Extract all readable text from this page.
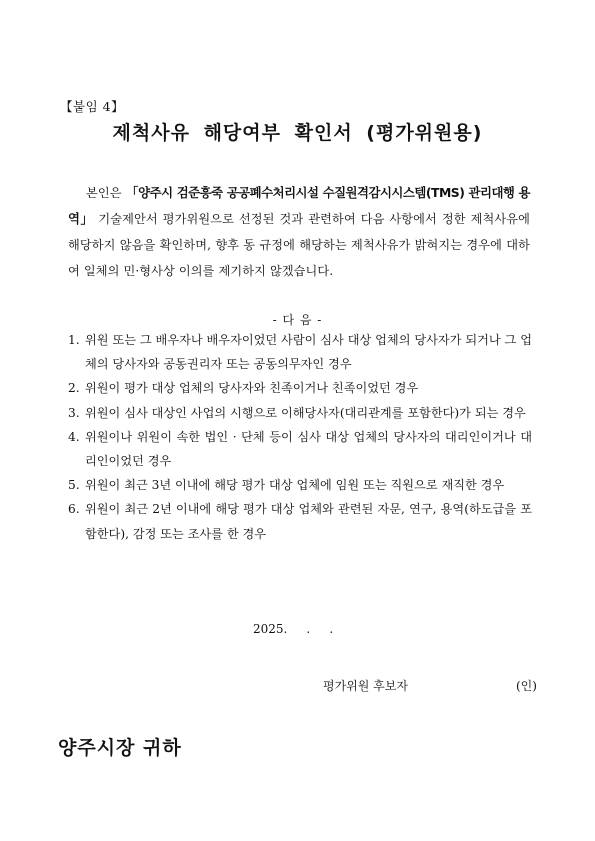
【붙임 4】
제척사유 해당여부 확인서 (평가위원용)
본인은 「양주시 검준흥죽 공공폐수처리시설 수질원격감시시스템(TMS) 관리대행 용역」 기술제안서 평가위원으로 선정된 것과 관련하여 다음 사항에서 정한 제척사유에 해당하지 않음을 확인하며, 향후 동 규정에 해당하는 제척사유가 밝혀지는 경우에 대하여 일체의 민·형사상 이의를 제기하지 않겠습니다.
- 다 음 -
1. 위원 또는 그 배우자나 배우자이었던 사람이 심사 대상 업체의 당사자가 되거나 그 업체의 당사자와 공동권리자 또는 공동의무자인 경우
2. 위원이 평가 대상 업체의 당사자와 친족이거나 친족이었던 경우
3. 위원이 심사 대상인 사업의 시행으로 이해당사자(대리관계를 포함한다)가 되는 경우
4. 위원이나 위원이 속한 법인 · 단체 등이 심사 대상 업체의 당사자의 대리인이거나 대리인이었던 경우
5. 위원이 최근 3년 이내에 해당 평가 대상 업체에 임원 또는 직원으로 재직한 경우
6. 위원이 최근 2년 이내에 해당 평가 대상 업체와 관련된 자문, 연구, 용역(하도급을 포함한다), 감정 또는 조사를 한 경우
2025.     .     .
평가위원 후보자	(인)
양주시장 귀하
